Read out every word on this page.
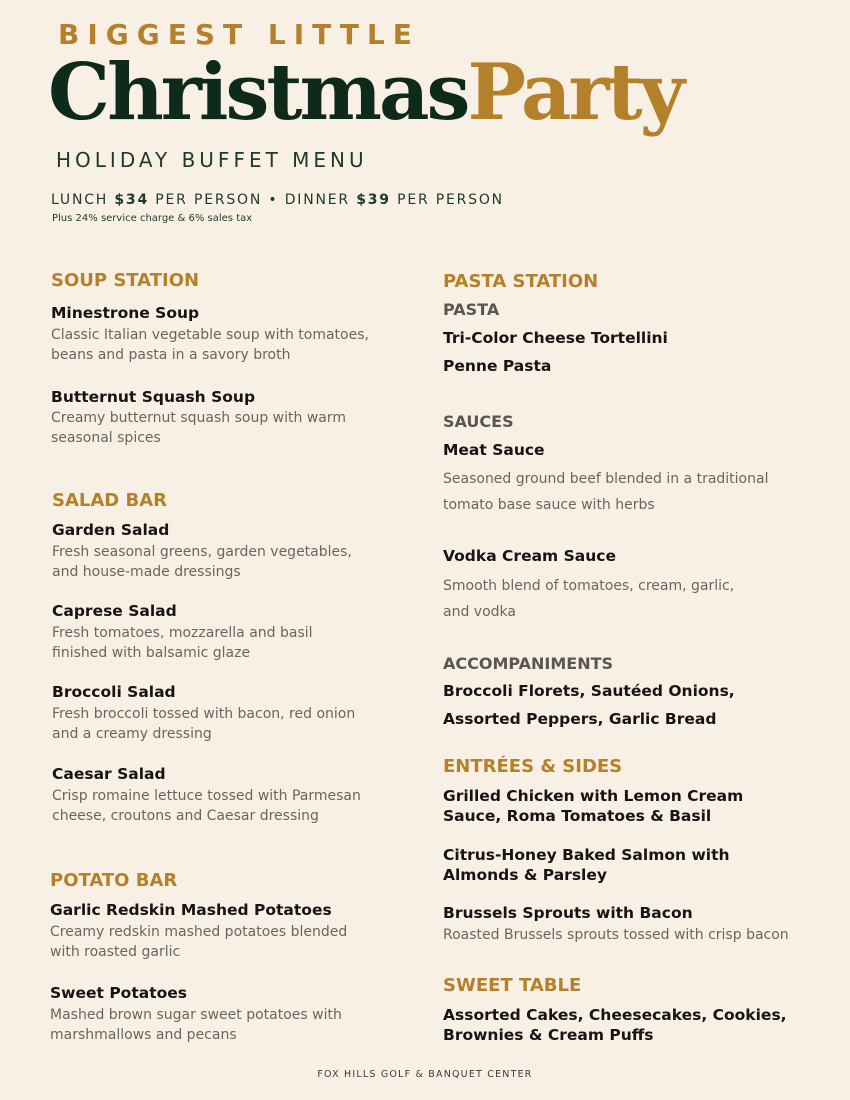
BIGGEST LITTLE
ChristmasParty
HOLIDAY BUFFET MENU
LUNCH $34 PER PERSON • DINNER $39 PER PERSON
Plus 24% service charge & 6% sales tax
SOUP STATION
Minestrone Soup
Classic Italian vegetable soup with tomatoes, beans and pasta in a savory broth
Butternut Squash Soup
Creamy butternut squash soup with warm seasonal spices
SALAD BAR
Garden Salad
Fresh seasonal greens, garden vegetables, and house-made dressings
Caprese Salad
Fresh tomatoes, mozzarella and basil finished with balsamic glaze
Broccoli Salad
Fresh broccoli tossed with bacon, red onion and a creamy dressing
Caesar Salad
Crisp romaine lettuce tossed with Parmesan cheese, croutons and Caesar dressing
POTATO BAR
Garlic Redskin Mashed Potatoes
Creamy redskin mashed potatoes blended with roasted garlic
Sweet Potatoes
Mashed brown sugar sweet potatoes with marshmallows and pecans
PASTA STATION
PASTA
Tri-Color Cheese Tortellini
Penne Pasta
SAUCES
Meat Sauce
Seasoned ground beef blended in a traditional tomato base sauce with herbs
Vodka Cream Sauce
Smooth blend of tomatoes, cream, garlic, and vodka
ACCOMPANIMENTS
Broccoli Florets, Sautéed Onions, Assorted Peppers, Garlic Bread
ENTRÉES & SIDES
Grilled Chicken with Lemon Cream Sauce, Roma Tomatoes & Basil
Citrus-Honey Baked Salmon with Almonds & Parsley
Brussels Sprouts with Bacon
Roasted Brussels sprouts tossed with crisp bacon
SWEET TABLE
Assorted Cakes, Cheesecakes, Cookies, Brownies & Cream Puffs
FOX HILLS GOLF & BANQUET CENTER
